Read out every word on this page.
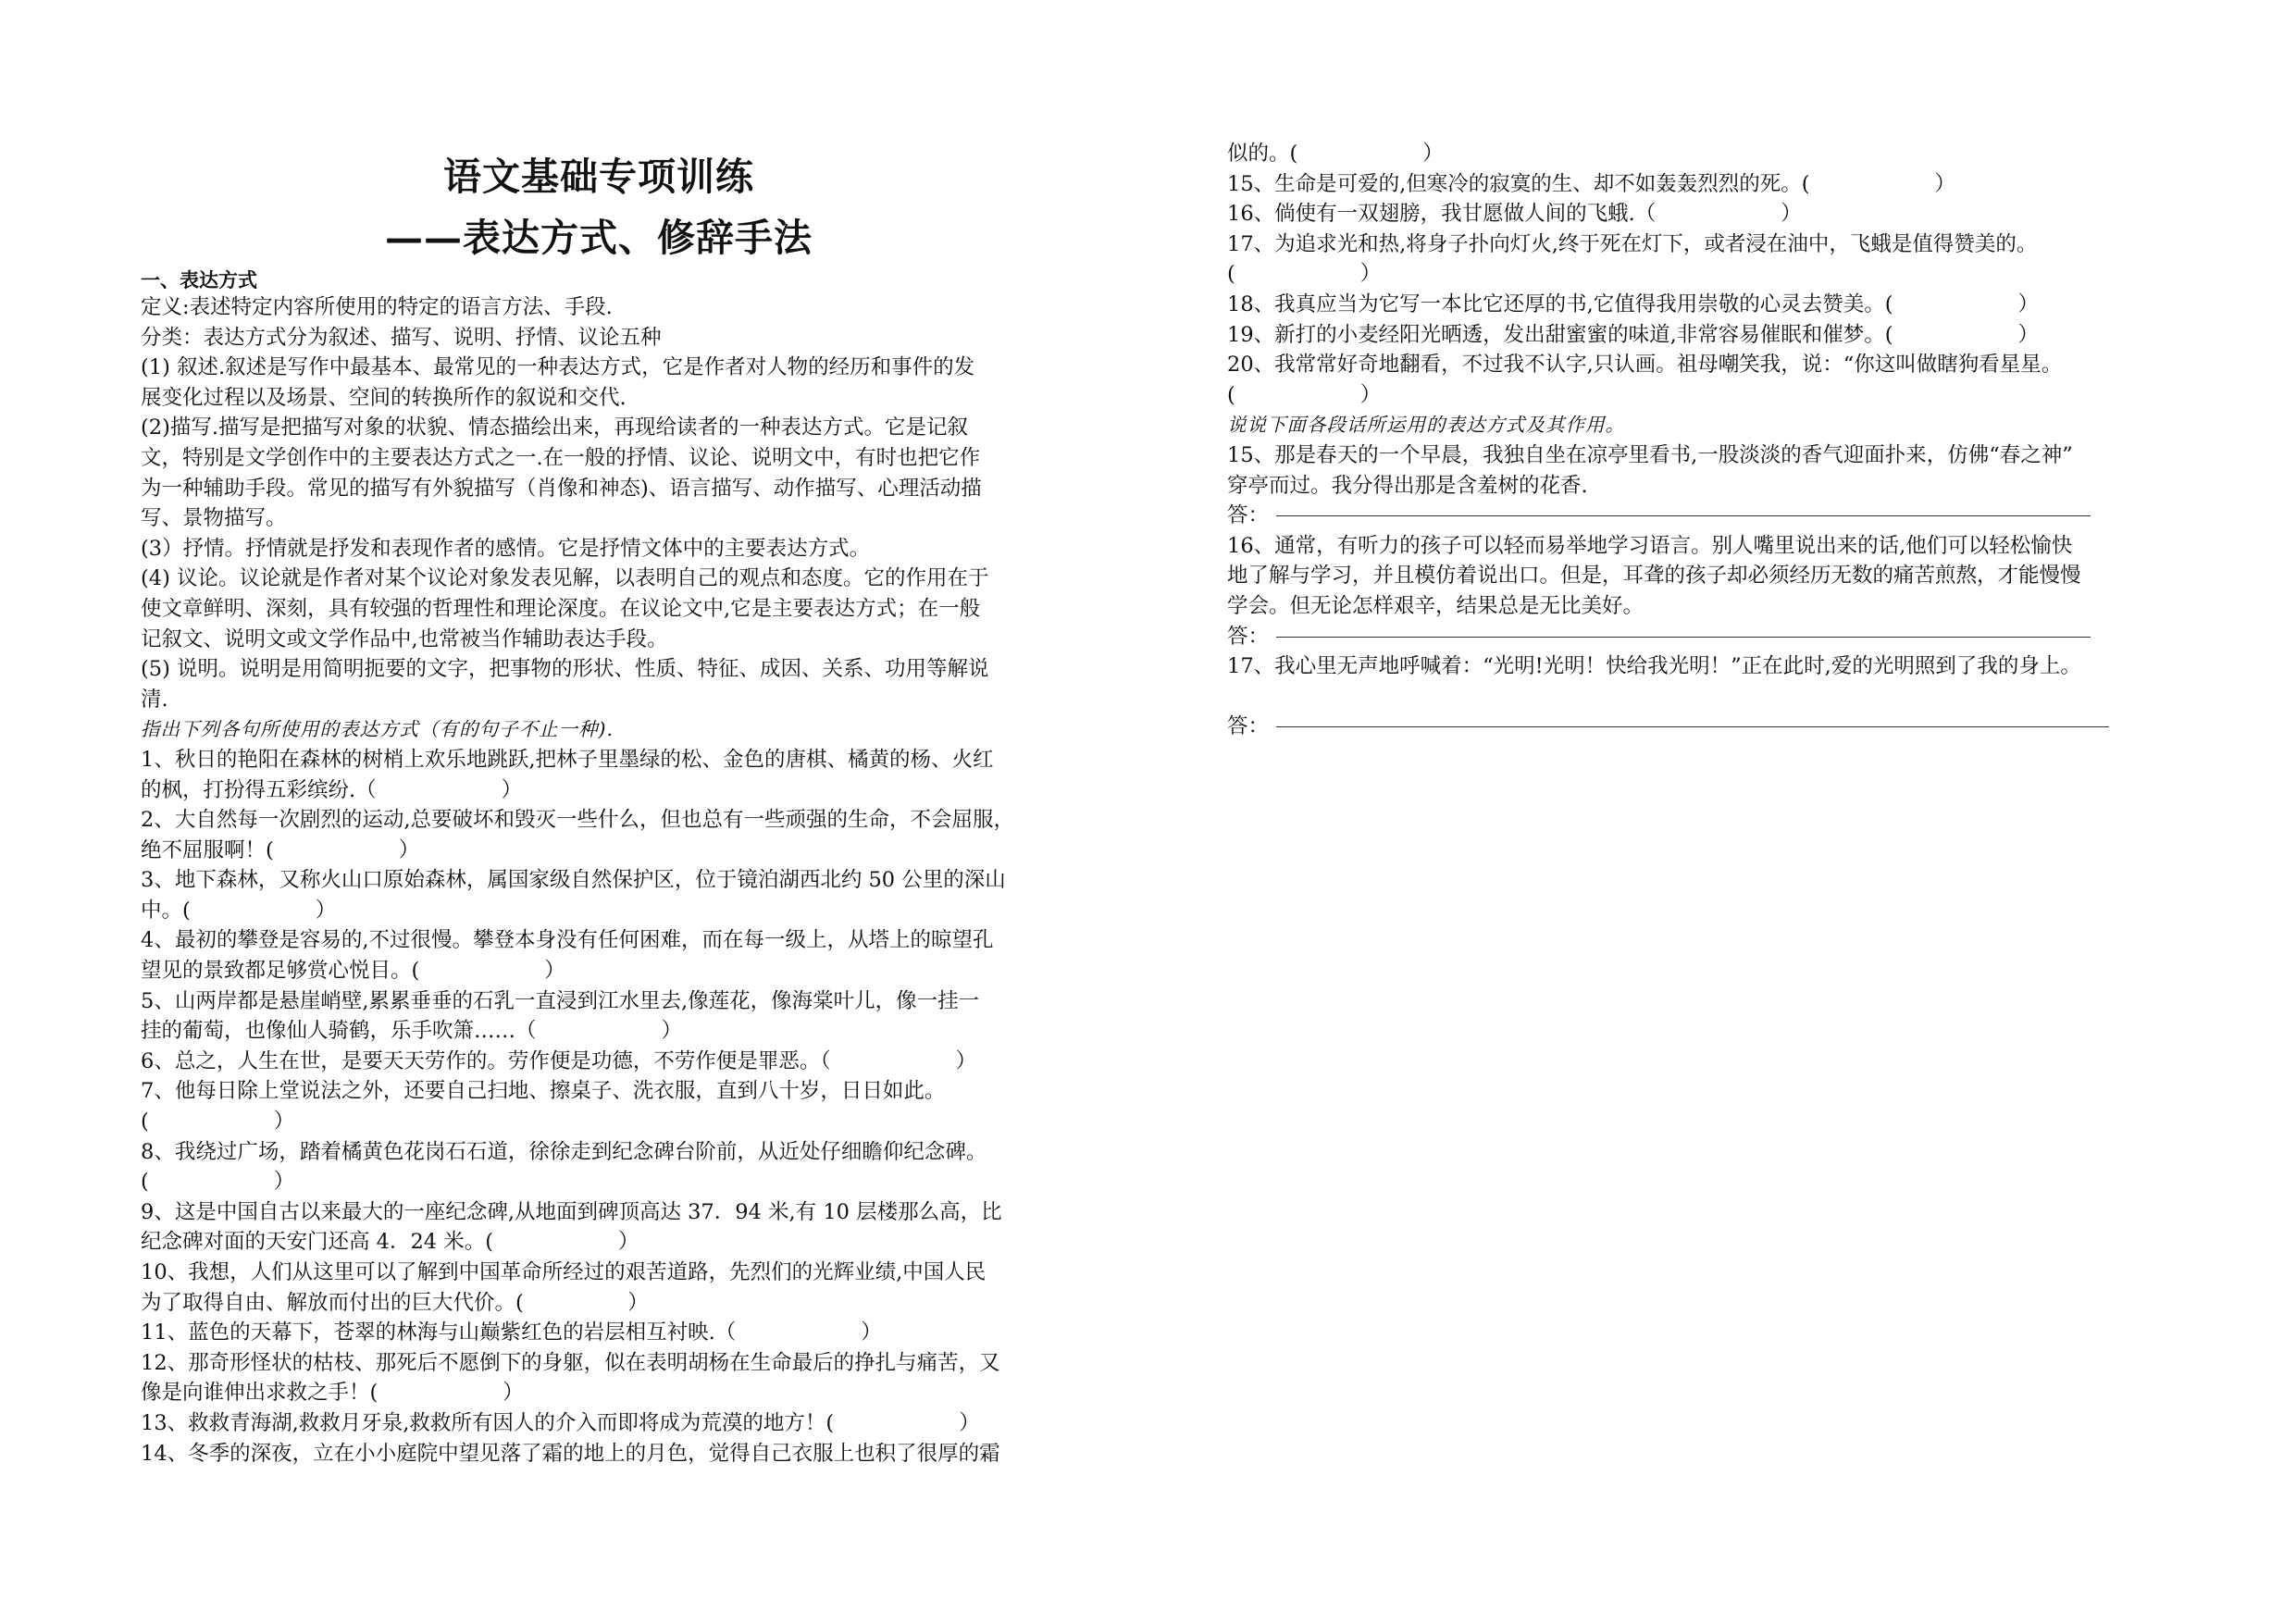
语文基础专项训练
——表达方式、修辞手法
一、表达方式
定义:表述特定内容所使用的特定的语言方法、手段.
分类：表达方式分为叙述、描写、说明、抒情、议论五种
(1) 叙述.叙述是写作中最基本、最常见的一种表达方式，它是作者对人物的经历和事件的发
展变化过程以及场景、空间的转换所作的叙说和交代.
(2)描写.描写是把描写对象的状貌、情态描绘出来，再现给读者的一种表达方式。它是记叙
文，特别是文学创作中的主要表达方式之一.在一般的抒情、议论、说明文中，有时也把它作
为一种辅助手段。常见的描写有外貌描写（肖像和神态)、语言描写、动作描写、心理活动描
写、景物描写。
(3）抒情。抒情就是抒发和表现作者的感情。它是抒情文体中的主要表达方式。
(4) 议论。议论就是作者对某个议论对象发表见解，以表明自己的观点和态度。它的作用在于
使文章鲜明、深刻，具有较强的哲理性和理论深度。在议论文中,它是主要表达方式；在一般
记叙文、说明文或文学作品中,也常被当作辅助表达手段。
(5) 说明。说明是用简明扼要的文字，把事物的形状、性质、特征、成因、关系、功用等解说
清.
指出下列各句所使用的表达方式（有的句子不止一种).
1、秋日的艳阳在森林的树梢上欢乐地跳跃,把林子里墨绿的松、金色的唐棋、橘黄的杨、火红
的枫，打扮得五彩缤纷.（　　　　　　）
2、大自然每一次剧烈的运动,总要破坏和毁灭一些什么，但也总有一些顽强的生命，不会屈服，
绝不屈服啊！(　　　　　　）
3、地下森林，又称火山口原始森林，属国家级自然保护区，位于镜泊湖西北约 50 公里的深山
中。(　　　　　　）
4、最初的攀登是容易的,不过很慢。攀登本身没有任何困难，而在每一级上，从塔上的晾望孔
望见的景致都足够赏心悦目。(　　　　　　）
5、山两岸都是悬崖峭壁,累累垂垂的石乳一直浸到江水里去,像莲花，像海棠叶儿，像一挂一
挂的葡萄，也像仙人骑鹤，乐手吹箫……（　　　　　　）
6、总之，人生在世，是要天天劳作的。劳作便是功德，不劳作便是罪恶。（　　　　　　）
7、他每日除上堂说法之外，还要自己扫地、擦桌子、洗衣服，直到八十岁，日日如此。
(　　　　　　）
8、我绕过广场，踏着橘黄色花岗石石道，徐徐走到纪念碑台阶前，从近处仔细瞻仰纪念碑。
(　　　　　　）
9、这是中国自古以来最大的一座纪念碑,从地面到碑顶高达 37．94 米,有 10 层楼那么高，比
纪念碑对面的天安门还高 4．24 米。(　　　　　　）
10、我想，人们从这里可以了解到中国革命所经过的艰苦道路，先烈们的光辉业绩,中国人民
为了取得自由、解放而付出的巨大代价。(　　　　　）
11、蓝色的天幕下，苍翠的林海与山巅紫红色的岩层相互衬映.（　　　　　　）
12、那奇形怪状的枯枝、那死后不愿倒下的身躯，似在表明胡杨在生命最后的挣扎与痛苦，又
像是向谁伸出求救之手！(　　　　　　）
13、救救青海湖,救救月牙泉,救救所有因人的介入而即将成为荒漠的地方！(　　　　　　）
14、冬季的深夜，立在小小庭院中望见落了霜的地上的月色，觉得自己衣服上也积了很厚的霜
似的。(　　　　　　）
15、生命是可爱的,但寒冷的寂寞的生、却不如轰轰烈烈的死。(　　　　　　）
16、倘使有一双翅膀，我甘愿做人间的飞蛾.（　　　　　　）
17、为追求光和热,将身子扑向灯火,终于死在灯下，或者浸在油中，飞蛾是值得赞美的。
(　　　　　　）
18、我真应当为它写一本比它还厚的书,它值得我用崇敬的心灵去赞美。(　　　　　　）
19、新打的小麦经阳光晒透，发出甜蜜蜜的味道,非常容易催眠和催梦。(　　　　　　）
20、我常常好奇地翻看，不过我不认字,只认画。祖母嘲笑我，说：“你这叫做瞎狗看星星。
(　　　　　　）
说说下面各段话所运用的表达方式及其作用。
15、那是春天的一个早晨，我独自坐在凉亭里看书,一股淡淡的香气迎面扑来，仿佛“春之神”
穿亭而过。我分得出那是含羞树的花香.
答：
16、通常，有听力的孩子可以轻而易举地学习语言。别人嘴里说出来的话,他们可以轻松愉快
地了解与学习，并且模仿着说出口。但是，耳聋的孩子却必须经历无数的痛苦煎熬，才能慢慢
学会。但无论怎样艰辛，结果总是无比美好。
答：
17、我心里无声地呼喊着：“光明!光明！快给我光明！”正在此时,爱的光明照到了我的身上。
答：
